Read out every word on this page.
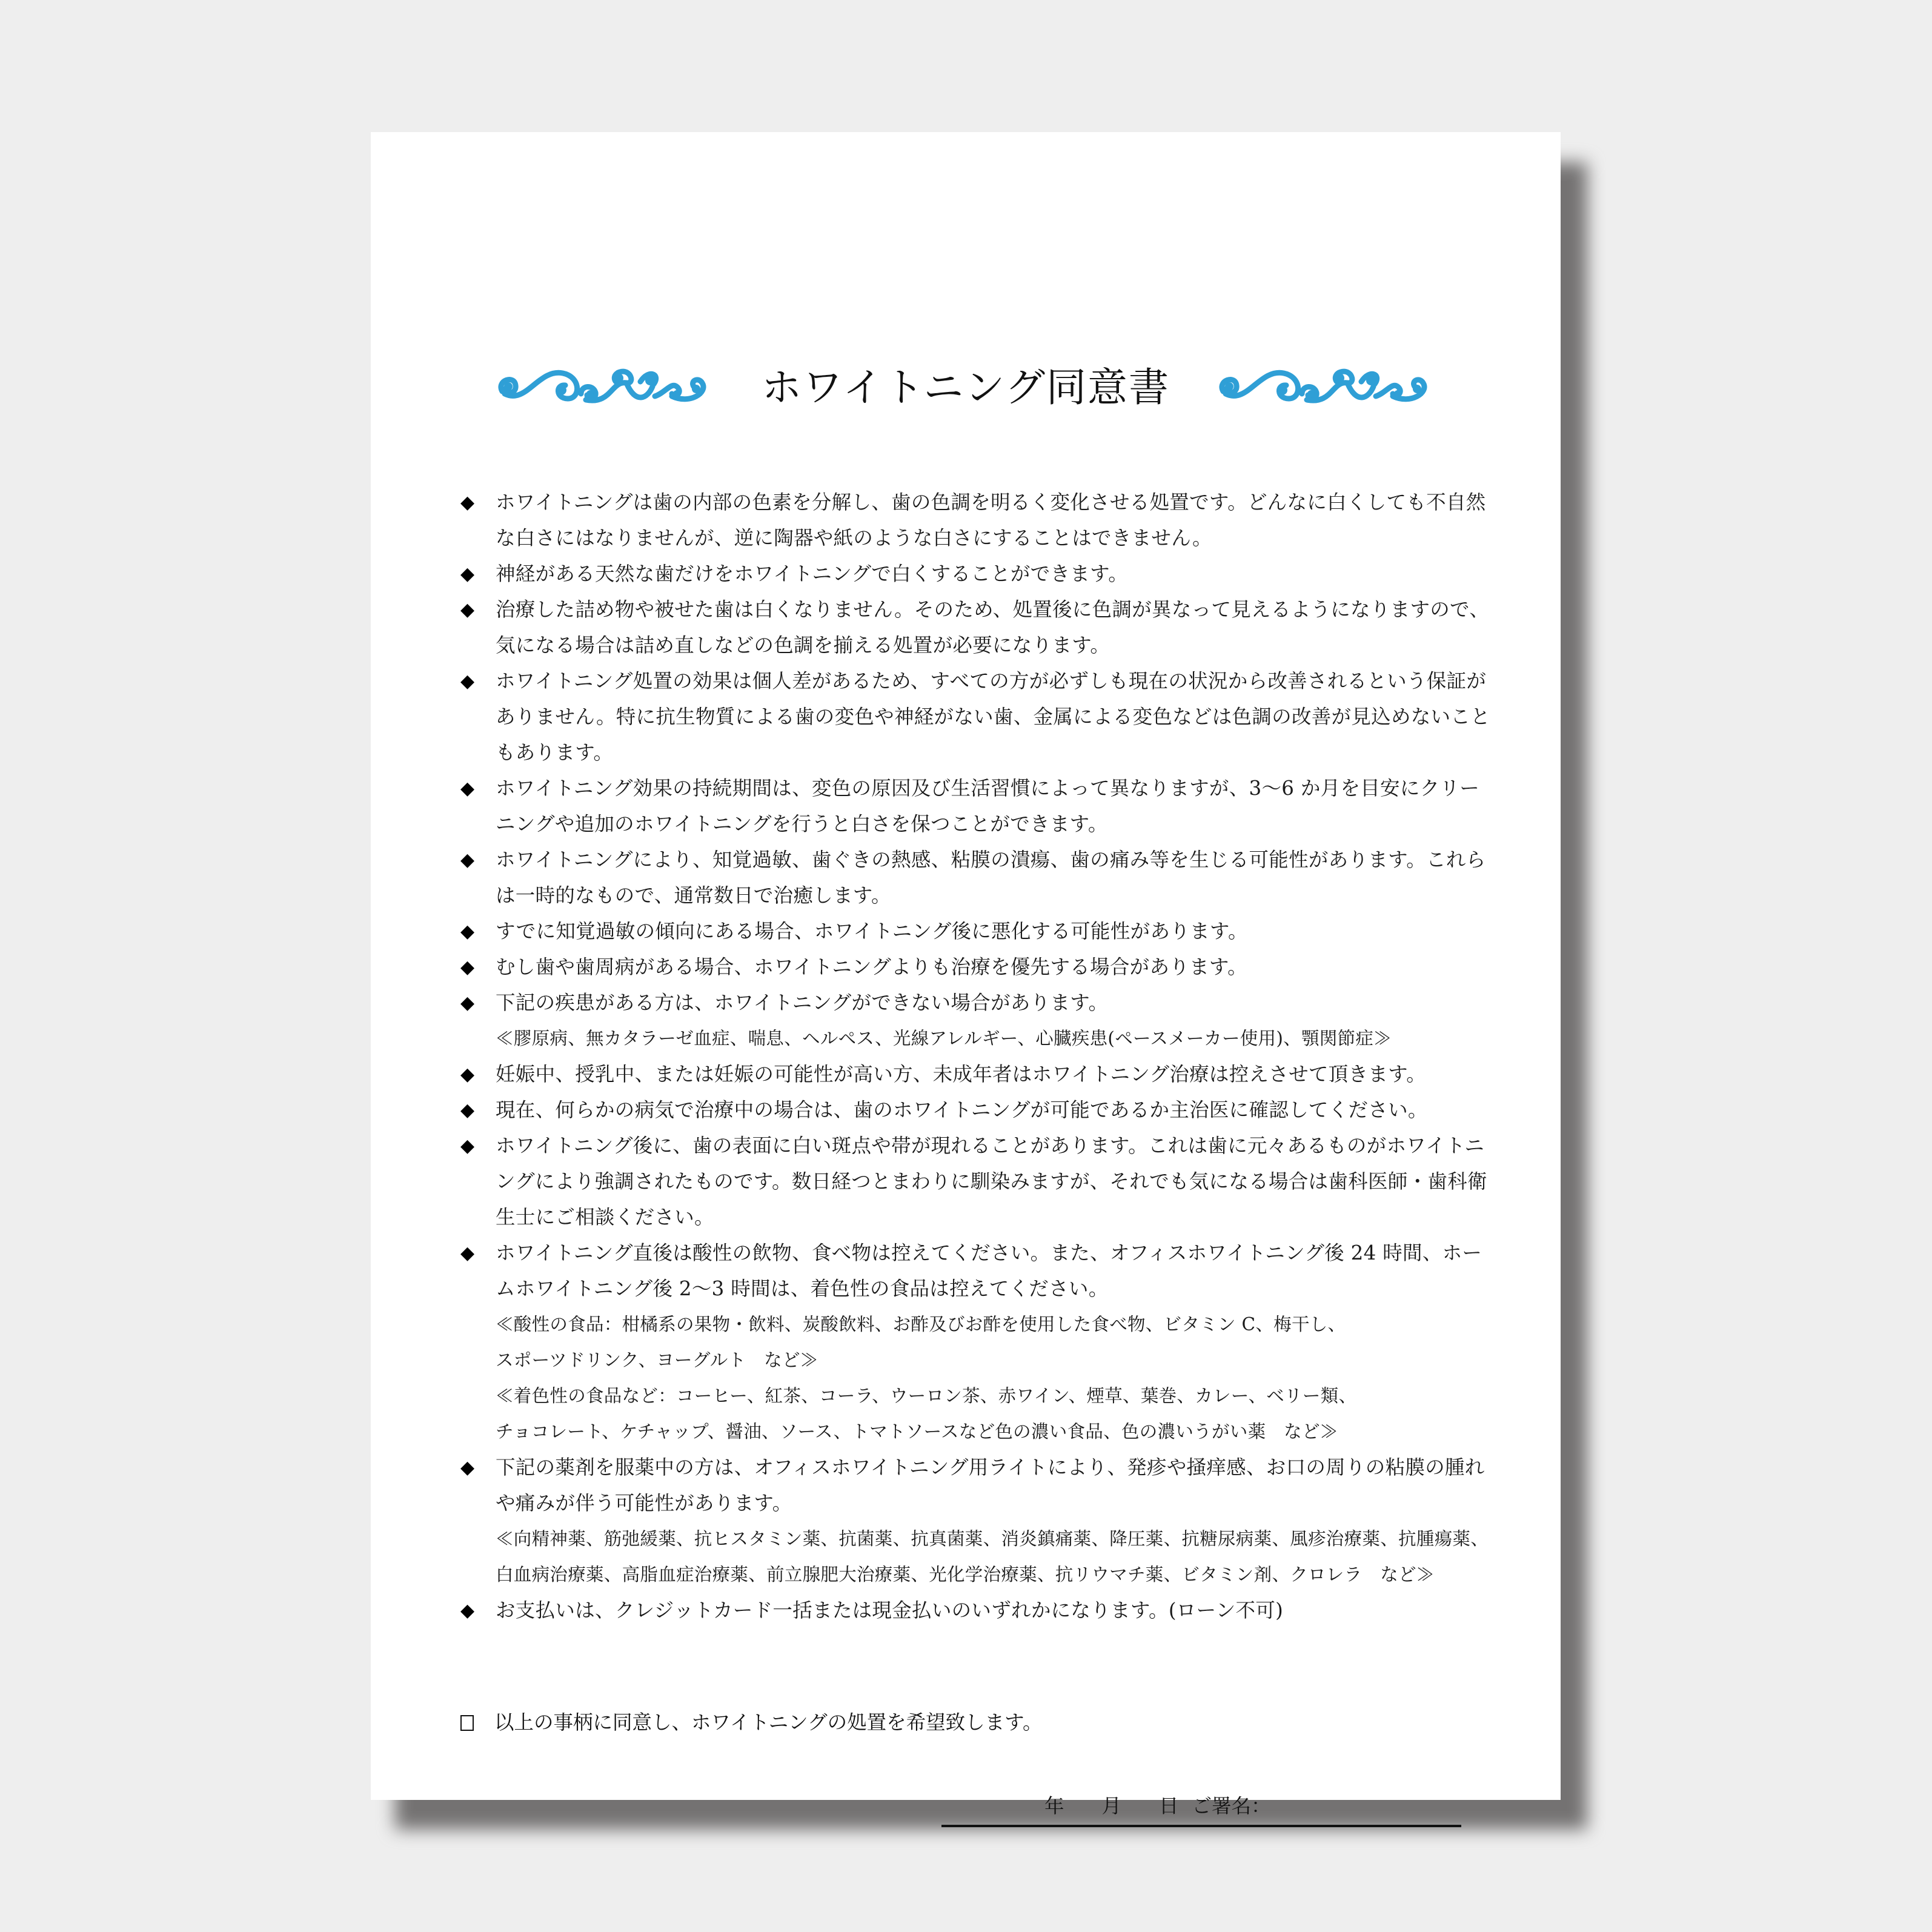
ホワイトニング同意書
◆	ホワイトニングは歯の内部の色素を分解し、歯の色調を明るく変化させる処置です。どんなに白くしても不自然
な白さにはなりませんが、逆に陶器や紙のような白さにすることはできません。
◆	神経がある天然な歯だけをホワイトニングで白くすることができます。
◆	治療した詰め物や被せた歯は白くなりません。そのため、処置後に色調が異なって見えるようになりますので、
気になる場合は詰め直しなどの色調を揃える処置が必要になります。
◆	ホワイトニング処置の効果は個人差があるため、すべての方が必ずしも現在の状況から改善されるという保証が
ありません。特に抗生物質による歯の変色や神経がない歯、金属による変色などは色調の改善が見込めないこと
もあります。
◆	ホワイトニング効果の持続期間は、変色の原因及び生活習慣によって異なりますが、3〜6 か月を目安にクリー
ニングや追加のホワイトニングを行うと白さを保つことができます。
◆	ホワイトニングにより、知覚過敏、歯ぐきの熱感、粘膜の潰瘍、歯の痛み等を生じる可能性があります。これら
は一時的なもので、通常数日で治癒します。
◆	すでに知覚過敏の傾向にある場合、ホワイトニング後に悪化する可能性があります。
◆	むし歯や歯周病がある場合、ホワイトニングよりも治療を優先する場合があります。
◆	下記の疾患がある方は、ホワイトニングができない場合があります。
≪膠原病、無カタラーゼ血症、喘息、ヘルペス、光線アレルギー、心臓疾患(ペースメーカー使用)、顎関節症≫
◆	妊娠中、授乳中、または妊娠の可能性が高い方、未成年者はホワイトニング治療は控えさせて頂きます。
◆	現在、何らかの病気で治療中の場合は、歯のホワイトニングが可能であるか主治医に確認してください。
◆	ホワイトニング後に、歯の表面に白い斑点や帯が現れることがあります。これは歯に元々あるものがホワイトニ
ングにより強調されたものです。数日経つとまわりに馴染みますが、それでも気になる場合は歯科医師・歯科衛
生士にご相談ください。
◆	ホワイトニング直後は酸性の飲物、食べ物は控えてください。また、オフィスホワイトニング後 24 時間、ホー
ムホワイトニング後 2〜3 時間は、着色性の食品は控えてください。
≪酸性の食品：柑橘系の果物・飲料、炭酸飲料、お酢及びお酢を使用した食べ物、ビタミン C、梅干し、
スポーツドリンク、ヨーグルト　など≫
≪着色性の食品など：コーヒー、紅茶、コーラ、ウーロン茶、赤ワイン、煙草、葉巻、カレー、ベリー類、
チョコレート、ケチャップ、醤油、ソース、トマトソースなど色の濃い食品、色の濃いうがい薬　など≫
◆	下記の薬剤を服薬中の方は、オフィスホワイトニング用ライトにより、発疹や掻痒感、お口の周りの粘膜の腫れ
や痛みが伴う可能性があります。
≪向精神薬、筋弛緩薬、抗ヒスタミン薬、抗菌薬、抗真菌薬、消炎鎮痛薬、降圧薬、抗糖尿病薬、風疹治療薬、抗腫瘍薬、
白血病治療薬、高脂血症治療薬、前立腺肥大治療薬、光化学治療薬、抗リウマチ薬、ビタミン剤、クロレラ　など≫
◆	お支払いは、クレジットカード一括または現金払いのいずれかになります。(ローン不可)
以上の事柄に同意し、ホワイトニングの処置を希望致します。
年 月 日 ご署名：
